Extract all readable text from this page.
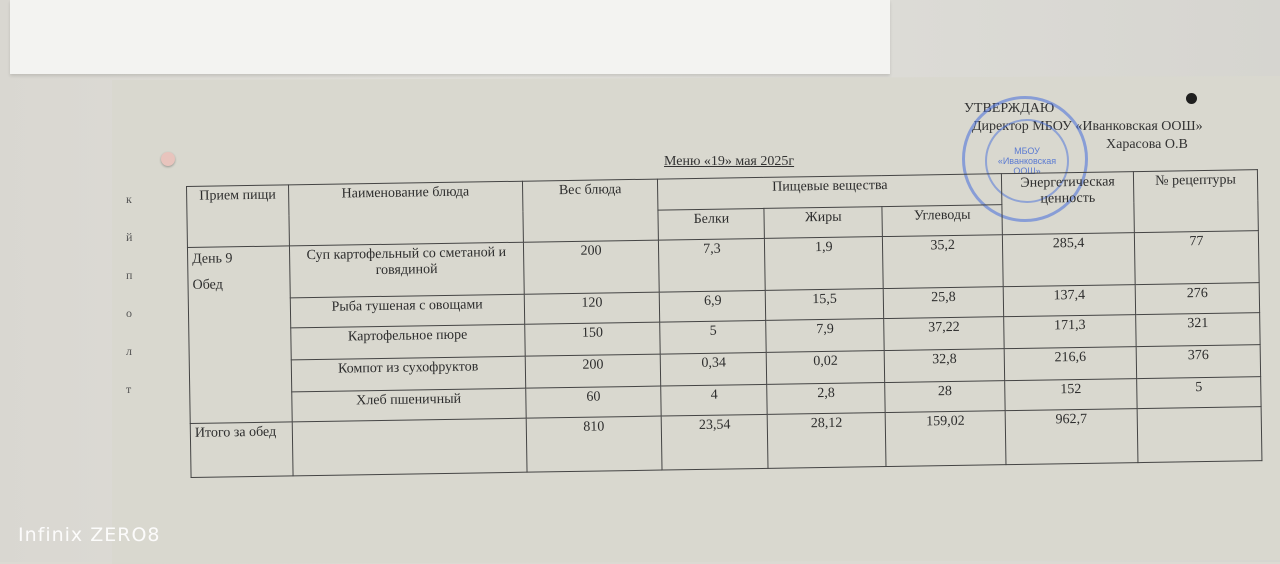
к
й
п
о
л
т
УТВЕРЖДАЮ
Директор МБОУ «Иванковская ООШ»
Харасова О.В
МБОУ «Иванковская ООШ»
Меню «19» мая 2025г
Прием пищи	Наименование блюда	Вес блюда	Пищевые вещества			Энергетическая ценность	№ рецептуры
			Белки	Жиры	Углеводы		

День 9
Обед	Суп картофельный со сметаной и говядиной	200	7,3	1,9	35,2	285,4	77
	Рыба тушеная с овощами	120	6,9	15,5	25,8	137,4	276
	Картофельное пюре	150	5	7,9	37,22	171,3	321
	Компот из сухофруктов	200	0,34	0,02	32,8	216,6	376
	Хлеб пшеничный	60	4	2,8	28	152	5
Итого за обед		810	23,54	28,12	159,02	962,7	
Infinix ZERO8
